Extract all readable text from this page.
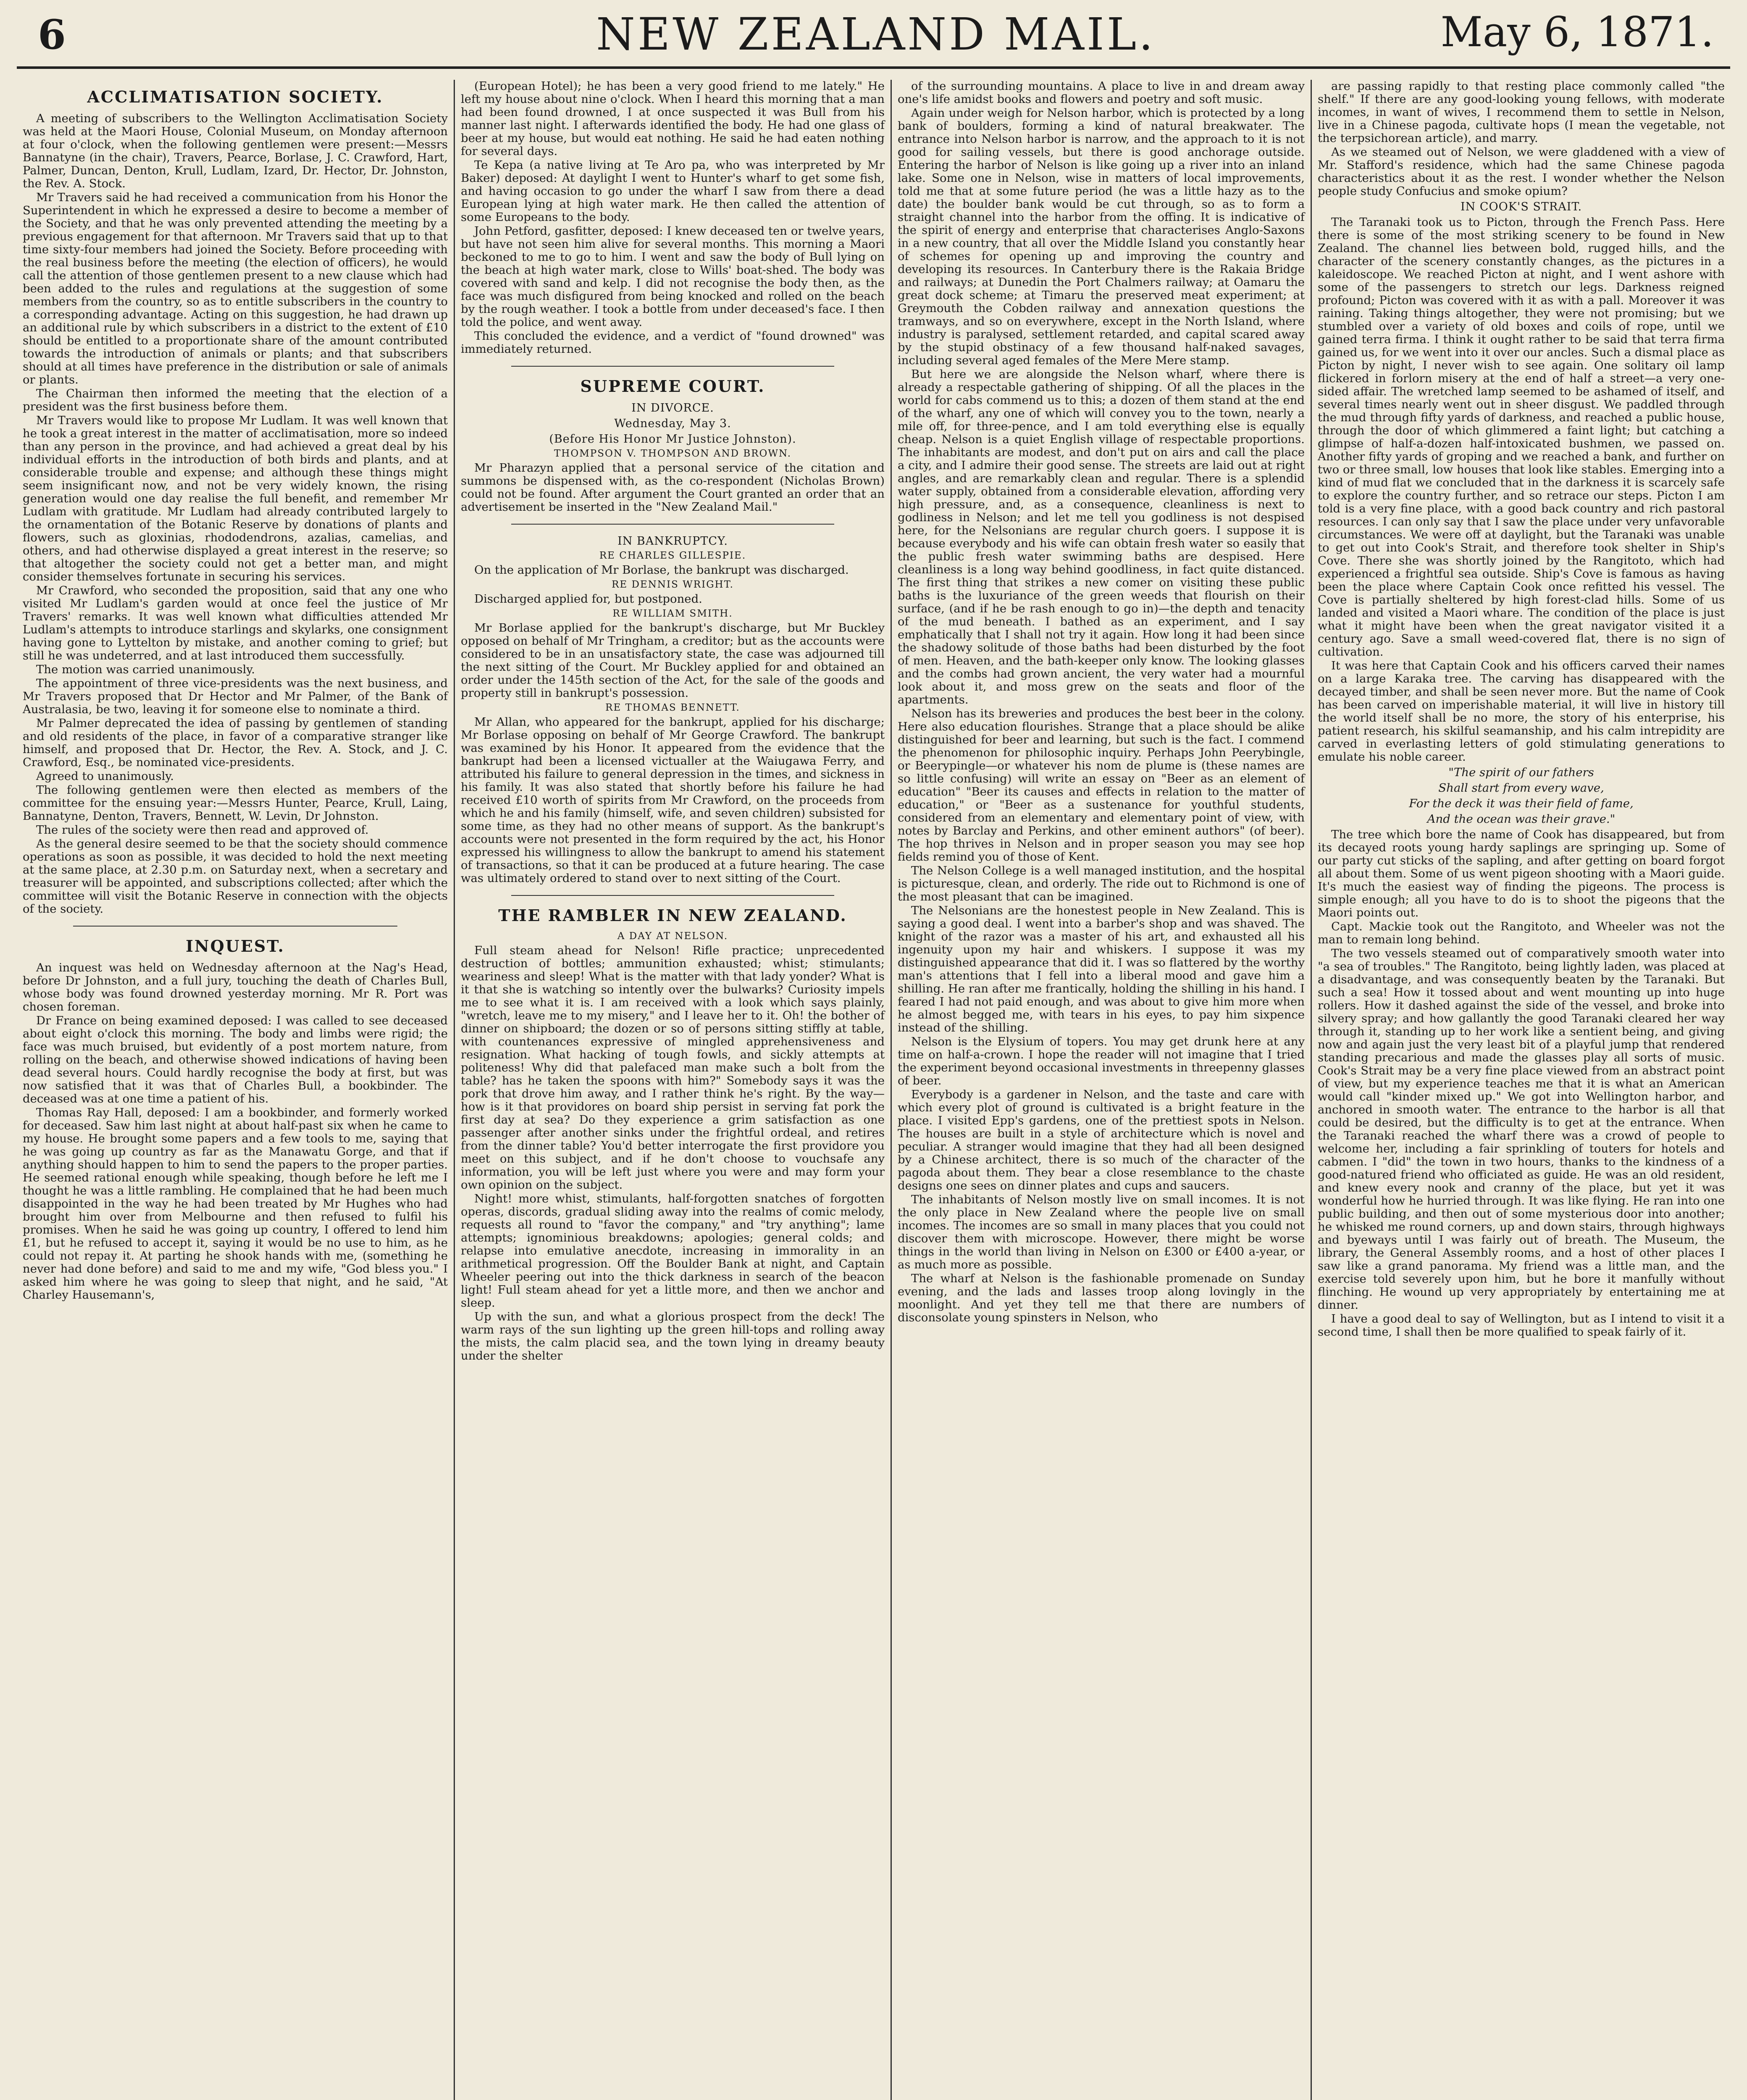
6	NEW ZEALAND MAIL.	May 6, 1871.
ACCLIMATISATION SOCIETY.

A meeting of subscribers to the Wellington Acclimatisation Society was held at the Maori House, Colonial Museum, on Monday afternoon at four o'clock, when the following gentlemen were present:—Messrs Bannatyne (in the chair), Travers, Pearce, Borlase, J. C. Crawford, Hart, Palmer, Duncan, Denton, Krull, Ludlam, Izard, Dr. Hector, Dr. Johnston, the Rev. A. Stock.

Mr Travers said he had received a communication from his Honor the Superintendent in which he expressed a desire to become a member of the Society, and that he was only prevented attending the meeting by a previous engagement for that afternoon. Mr Travers said that up to that time sixty-four members had joined the Society. Before proceeding with the real business before the meeting (the election of officers), he would call the attention of those gentlemen present to a new clause which had been added to the rules and regulations at the suggestion of some members from the country, so as to entitle subscribers in the country to a corresponding advantage. Acting on this suggestion, he had drawn up an additional rule by which subscribers in a district to the extent of £10 should be entitled to a proportionate share of the amount contributed towards the introduction of animals or plants; and that subscribers should at all times have preference in the distribution or sale of animals or plants.

The Chairman then informed the meeting that the election of a president was the first business before them.

Mr Travers would like to propose Mr Ludlam. It was well known that he took a great interest in the matter of acclimatisation, more so indeed than any person in the province, and had achieved a great deal by his individual efforts in the introduction of both birds and plants, and at considerable trouble and expense; and although these things might seem insignificant now, and not be very widely known, the rising generation would one day realise the full benefit, and remember Mr Ludlam with gratitude. Mr Ludlam had already contributed largely to the ornamentation of the Botanic Reserve by donations of plants and flowers, such as gloxinias, rhododendrons, azalias, camelias, and others, and had otherwise displayed a great interest in the reserve; so that altogether the society could not get a better man, and might consider themselves fortunate in securing his services.

Mr Crawford, who seconded the proposition, said that any one who visited Mr Ludlam's garden would at once feel the justice of Mr Travers' remarks. It was well known what difficulties attended Mr Ludlam's attempts to introduce starlings and skylarks, one consignment having gone to Lyttelton by mistake, and another coming to grief; but still he was undeterred, and at last introduced them successfully.

The motion was carried unanimously.

The appointment of three vice-presidents was the next business, and Mr Travers proposed that Dr Hector and Mr Palmer, of the Bank of Australasia, be two, leaving it for someone else to nominate a third.

Mr Palmer deprecated the idea of passing by gentlemen of standing and old residents of the place, in favor of a comparative stranger like himself, and proposed that Dr. Hector, the Rev. A. Stock, and J. C. Crawford, Esq., be nominated vice-presidents.

Agreed to unanimously.

The following gentlemen were then elected as members of the committee for the ensuing year:—Messrs Hunter, Pearce, Krull, Laing, Bannatyne, Denton, Travers, Bennett, W. Levin, Dr Johnston.

The rules of the society were then read and approved of.

As the general desire seemed to be that the society should commence operations as soon as possible, it was decided to hold the next meeting at the same place, at 2.30 p.m. on Saturday next, when a secretary and treasurer will be appointed, and subscriptions collected; after which the committee will visit the Botanic Reserve in connection with the objects of the society.

INQUEST.

An inquest was held on Wednesday afternoon at the Nag's Head, before Dr Johnston, and a full jury, touching the death of Charles Bull, whose body was found drowned yesterday morning. Mr R. Port was chosen foreman.

Dr France on being examined deposed: I was called to see deceased about eight o'clock this morning. The body and limbs were rigid; the face was much bruised, but evidently of a post mortem nature, from rolling on the beach, and otherwise showed indications of having been dead several hours. Could hardly recognise the body at first, but was now satisfied that it was that of Charles Bull, a bookbinder. The deceased was at one time a patient of his.

Thomas Ray Hall, deposed: I am a bookbinder, and formerly worked for deceased. Saw him last night at about half-past six when he came to my house. He brought some papers and a few tools to me, saying that he was going up country as far as the Manawatu Gorge, and that if anything should happen to him to send the papers to the proper parties. He seemed rational enough while speaking, though before he left me I thought he was a little rambling. He complained that he had been much disappointed in the way he had been treated by Mr Hughes who had brought him over from Melbourne and then refused to fulfil his promises. When he said he was going up country, I offered to lend him £1, but he refused to accept it, saying it would be no use to him, as he could not repay it. At parting he shook hands with me, (something he never had done before) and said to me and my wife, "God bless you." I asked him where he was going to sleep that night, and he said, "At Charley Hausemann's,

(European Hotel); he has been a very good friend to me lately." He left my house about nine o'clock. When I heard this morning that a man had been found drowned, I at once suspected it was Bull from his manner last night. I afterwards identified the body. He had one glass of beer at my house, but would eat nothing. He said he had eaten nothing for several days.

Te Kepa (a native living at Te Aro pa, who was interpreted by Mr Baker) deposed: At daylight I went to Hunter's wharf to get some fish, and having occasion to go under the wharf I saw from there a dead European lying at high water mark. He then called the attention of some Europeans to the body.

John Petford, gasfitter, deposed: I knew deceased ten or twelve years, but have not seen him alive for several months. This morning a Maori beckoned to me to go to him. I went and saw the body of Bull lying on the beach at high water mark, close to Wills' boat-shed. The body was covered with sand and kelp. I did not recognise the body then, as the face was much disfigured from being knocked and rolled on the beach by the rough weather. I took a bottle from under deceased's face. I then told the police, and went away.

This concluded the evidence, and a verdict of "found drowned" was immediately returned.

SUPREME COURT.
IN DIVORCE.
Wednesday, May 3.
(Before His Honor Mr Justice Johnston).
THOMPSON V. THOMPSON AND BROWN.

Mr Pharazyn applied that a personal service of the citation and summons be dispensed with, as the co-respondent (Nicholas Brown) could not be found. After argument the Court granted an order that an advertisement be inserted in the "New Zealand Mail."

IN BANKRUPTCY.
RE CHARLES GILLESPIE.

On the application of Mr Borlase, the bankrupt was discharged.

RE DENNIS WRIGHT.

Discharged applied for, but postponed.

RE WILLIAM SMITH.

Mr Borlase applied for the bankrupt's discharge, but Mr Buckley opposed on behalf of Mr Tringham, a creditor; but as the accounts were considered to be in an unsatisfactory state, the case was adjourned till the next sitting of the Court. Mr Buckley applied for and obtained an order under the 145th section of the Act, for the sale of the goods and property still in bankrupt's possession.

RE THOMAS BENNETT.

Mr Allan, who appeared for the bankrupt, applied for his discharge; Mr Borlase opposing on behalf of Mr George Crawford. The bankrupt was examined by his Honor. It appeared from the evidence that the bankrupt had been a licensed victualler at the Waiugawa Ferry, and attributed his failure to general depression in the times, and sickness in his family. It was also stated that shortly before his failure he had received £10 worth of spirits from Mr Crawford, on the proceeds from which he and his family (himself, wife, and seven children) subsisted for some time, as they had no other means of support. As the bankrupt's accounts were not presented in the form required by the act, his Honor expressed his willingness to allow the bankrupt to amend his statement of transactions, so that it can be produced at a future hearing. The case was ultimately ordered to stand over to next sitting of the Court.

THE RAMBLER IN NEW ZEALAND.
A DAY AT NELSON.

Full steam ahead for Nelson! Rifle practice; unprecedented destruction of bottles; ammunition exhausted; whist; stimulants; weariness and sleep! What is the matter with that lady yonder? What is it that she is watching so intently over the bulwarks? Curiosity impels me to see what it is. I am received with a look which says plainly, "wretch, leave me to my misery," and I leave her to it. Oh! the bother of dinner on shipboard; the dozen or so of persons sitting stiffly at table, with countenances expressive of mingled apprehensiveness and resignation. What hacking of tough fowls, and sickly attempts at politeness! Why did that palefaced man make such a bolt from the table? has he taken the spoons with him?" Somebody says it was the pork that drove him away, and I rather think he's right. By the way—how is it that providores on board ship persist in serving fat pork the first day at sea? Do they experience a grim satisfaction as one passenger after another sinks under the frightful ordeal, and retires from the dinner table? You'd better interrogate the first providore you meet on this subject, and if he don't choose to vouchsafe any information, you will be left just where you were and may form your own opinion on the subject.

Night! more whist, stimulants, half-forgotten snatches of forgotten operas, discords, gradual sliding away into the realms of comic melody, requests all round to "favor the company," and "try anything"; lame attempts; ignominious breakdowns; apologies; general colds; and relapse into emulative anecdote, increasing in immorality in an arithmetical progression. Off the Boulder Bank at night, and Captain Wheeler peering out into the thick darkness in search of the beacon light! Full steam ahead for yet a little more, and then we anchor and sleep.

Up with the sun, and what a glorious prospect from the deck! The warm rays of the sun lighting up the green hill-tops and rolling away the mists, the calm placid sea, and the town lying in dreamy beauty under the shelter

of the surrounding mountains. A place to live in and dream away one's life amidst books and flowers and poetry and soft music.

Again under weigh for Nelson harbor, which is protected by a long bank of boulders, forming a kind of natural breakwater. The entrance into Nelson harbor is narrow, and the approach to it is not good for sailing vessels, but there is good anchorage outside. Entering the harbor of Nelson is like going up a river into an inland lake. Some one in Nelson, wise in matters of local improvements, told me that at some future period (he was a little hazy as to the date) the boulder bank would be cut through, so as to form a straight channel into the harbor from the offing. It is indicative of the spirit of energy and enterprise that characterises Anglo-Saxons in a new country, that all over the Middle Island you constantly hear of schemes for opening up and improving the country and developing its resources. In Canterbury there is the Rakaia Bridge and railways; at Dunedin the Port Chalmers railway; at Oamaru the great dock scheme; at Timaru the preserved meat experiment; at Greymouth the Cobden railway and annexation questions the tramways, and so on everywhere, except in the North Island, where industry is paralysed, settlement retarded, and capital scared away by the stupid obstinacy of a few thousand half-naked savages, including several aged females of the Mere Mere stamp.

But here we are alongside the Nelson wharf, where there is already a respectable gathering of shipping. Of all the places in the world for cabs commend us to this; a dozen of them stand at the end of the wharf, any one of which will convey you to the town, nearly a mile off, for three-pence, and I am told everything else is equally cheap. Nelson is a quiet English village of respectable proportions. The inhabitants are modest, and don't put on airs and call the place a city, and I admire their good sense. The streets are laid out at right angles, and are remarkably clean and regular. There is a splendid water supply, obtained from a considerable elevation, affording very high pressure, and, as a consequence, cleanliness is next to godliness in Nelson; and let me tell you godliness is not despised here, for the Nelsonians are regular church goers. I suppose it is because everybody and his wife can obtain fresh water so easily that the public fresh water swimming baths are despised. Here cleanliness is a long way behind goodliness, in fact quite distanced. The first thing that strikes a new comer on visiting these public baths is the luxuriance of the green weeds that flourish on their surface, (and if he be rash enough to go in)—the depth and tenacity of the mud beneath. I bathed as an experiment, and I say emphatically that I shall not try it again. How long it had been since the shadowy solitude of those baths had been disturbed by the foot of men. Heaven, and the bath-keeper only know. The looking glasses and the combs had grown ancient, the very water had a mournful look about it, and moss grew on the seats and floor of the apartments.

Nelson has its breweries and produces the best beer in the colony. Here also education flourishes. Strange that a place should be alike distinguished for beer and learning, but such is the fact. I commend the phenomenon for philosophic inquiry. Perhaps John Peerybingle, or Beerypingle—or whatever his nom de plume is (these names are so little confusing) will write an essay on "Beer as an element of education" "Beer its causes and effects in relation to the matter of education," or "Beer as a sustenance for youthful students, considered from an elementary and elementary point of view, with notes by Barclay and Perkins, and other eminent authors" (of beer). The hop thrives in Nelson and in proper season you may see hop fields remind you of those of Kent.

The Nelson College is a well managed institution, and the hospital is picturesque, clean, and orderly. The ride out to Richmond is one of the most pleasant that can be imagined.

The Nelsonians are the honestest people in New Zealand. This is saying a good deal. I went into a barber's shop and was shaved. The knight of the razor was a master of his art, and exhausted all his ingenuity upon my hair and whiskers. I suppose it was my distinguished appearance that did it. I was so flattered by the worthy man's attentions that I fell into a liberal mood and gave him a shilling. He ran after me frantically, holding the shilling in his hand. I feared I had not paid enough, and was about to give him more when he almost begged me, with tears in his eyes, to pay him sixpence instead of the shilling.

Nelson is the Elysium of topers. You may get drunk here at any time on half-a-crown. I hope the reader will not imagine that I tried the experiment beyond occasional investments in threepenny glasses of beer.

Everybody is a gardener in Nelson, and the taste and care with which every plot of ground is cultivated is a bright feature in the place. I visited Epp's gardens, one of the prettiest spots in Nelson. The houses are built in a style of architecture which is novel and peculiar. A stranger would imagine that they had all been designed by a Chinese architect, there is so much of the character of the pagoda about them. They bear a close resemblance to the chaste designs one sees on dinner plates and cups and saucers.

The inhabitants of Nelson mostly live on small incomes. It is not the only place in New Zealand where the people live on small incomes. The incomes are so small in many places that you could not discover them with microscope. However, there might be worse things in the world than living in Nelson on £300 or £400 a-year, or as much more as possible.

The wharf at Nelson is the fashionable promenade on Sunday evening, and the lads and lasses troop along lovingly in the moonlight. And yet they tell me that there are numbers of disconsolate young spinsters in Nelson, who

are passing rapidly to that resting place commonly called "the shelf." If there are any good-looking young fellows, with moderate incomes, in want of wives, I recommend them to settle in Nelson, live in a Chinese pagoda, cultivate hops (I mean the vegetable, not the terpsichorean article), and marry.

As we steamed out of Nelson, we were gladdened with a view of Mr. Stafford's residence, which had the same Chinese pagoda characteristics about it as the rest. I wonder whether the Nelson people study Confucius and smoke opium?

IN COOK'S STRAIT.

The Taranaki took us to Picton, through the French Pass. Here there is some of the most striking scenery to be found in New Zealand. The channel lies between bold, rugged hills, and the character of the scenery constantly changes, as the pictures in a kaleidoscope. We reached Picton at night, and I went ashore with some of the passengers to stretch our legs. Darkness reigned profound; Picton was covered with it as with a pall. Moreover it was raining. Taking things altogether, they were not promising; but we stumbled over a variety of old boxes and coils of rope, until we gained terra firma. I think it ought rather to be said that terra firma gained us, for we went into it over our ancles. Such a dismal place as Picton by night, I never wish to see again. One solitary oil lamp flickered in forlorn misery at the end of half a street—a very one-sided affair. The wretched lamp seemed to be ashamed of itself, and several times nearly went out in sheer disgust. We paddled through the mud through fifty yards of darkness, and reached a public house, through the door of which glimmered a faint light; but catching a glimpse of half-a-dozen half-intoxicated bushmen, we passed on. Another fifty yards of groping and we reached a bank, and further on two or three small, low houses that look like stables. Emerging into a kind of mud flat we concluded that in the darkness it is scarcely safe to explore the country further, and so retrace our steps. Picton I am told is a very fine place, with a good back country and rich pastoral resources. I can only say that I saw the place under very unfavorable circumstances. We were off at daylight, but the Taranaki was unable to get out into Cook's Strait, and therefore took shelter in Ship's Cove. There she was shortly joined by the Rangitoto, which had experienced a frightful sea outside. Ship's Cove is famous as having been the place where Captain Cook once refitted his vessel. The Cove is partially sheltered by high forest-clad hills. Some of us landed and visited a Maori whare. The condition of the place is just what it might have been when the great navigator visited it a century ago. Save a small weed-covered flat, there is no sign of cultivation.

It was here that Captain Cook and his officers carved their names on a large Karaka tree. The carving has disappeared with the decayed timber, and shall be seen never more. But the name of Cook has been carved on imperishable material, it will live in history till the world itself shall be no more, the story of his enterprise, his patient research, his skilful seamanship, and his calm intrepidity are carved in everlasting letters of gold stimulating generations to emulate his noble career.

"The spirit of our fathers

Shall start from every wave,

For the deck it was their field of fame,

And the ocean was their grave."

The tree which bore the name of Cook has disappeared, but from its decayed roots young hardy saplings are springing up. Some of our party cut sticks of the sapling, and after getting on board forgot all about them. Some of us went pigeon shooting with a Maori guide. It's much the easiest way of finding the pigeons. The process is simple enough; all you have to do is to shoot the pigeons that the Maori points out.

Capt. Mackie took out the Rangitoto, and Wheeler was not the man to remain long behind.

The two vessels steamed out of comparatively smooth water into "a sea of troubles." The Rangitoto, being lightly laden, was placed at a disadvantage, and was consequently beaten by the Taranaki. But such a sea! How it tossed about and went mounting up into huge rollers. How it dashed against the side of the vessel, and broke into silvery spray; and how gallantly the good Taranaki cleared her way through it, standing up to her work like a sentient being, and giving now and again just the very least bit of a playful jump that rendered standing precarious and made the glasses play all sorts of music. Cook's Strait may be a very fine place viewed from an abstract point of view, but my experience teaches me that it is what an American would call "kinder mixed up." We got into Wellington harbor, and anchored in smooth water. The entrance to the harbor is all that could be desired, but the difficulty is to get at the entrance. When the Taranaki reached the wharf there was a crowd of people to welcome her, including a fair sprinkling of touters for hotels and cabmen. I "did" the town in two hours, thanks to the kindness of a good-natured friend who officiated as guide. He was an old resident, and knew every nook and cranny of the place, but yet it was wonderful how he hurried through. It was like flying. He ran into one public building, and then out of some mysterious door into another; he whisked me round corners, up and down stairs, through highways and byeways until I was fairly out of breath. The Museum, the library, the General Assembly rooms, and a host of other places I saw like a grand panorama. My friend was a little man, and the exercise told severely upon him, but he bore it manfully without flinching. He wound up very appropriately by entertaining me at dinner.

I have a good deal to say of Wellington, but as I intend to visit it a second time, I shall then be more qualified to speak fairly of it.
